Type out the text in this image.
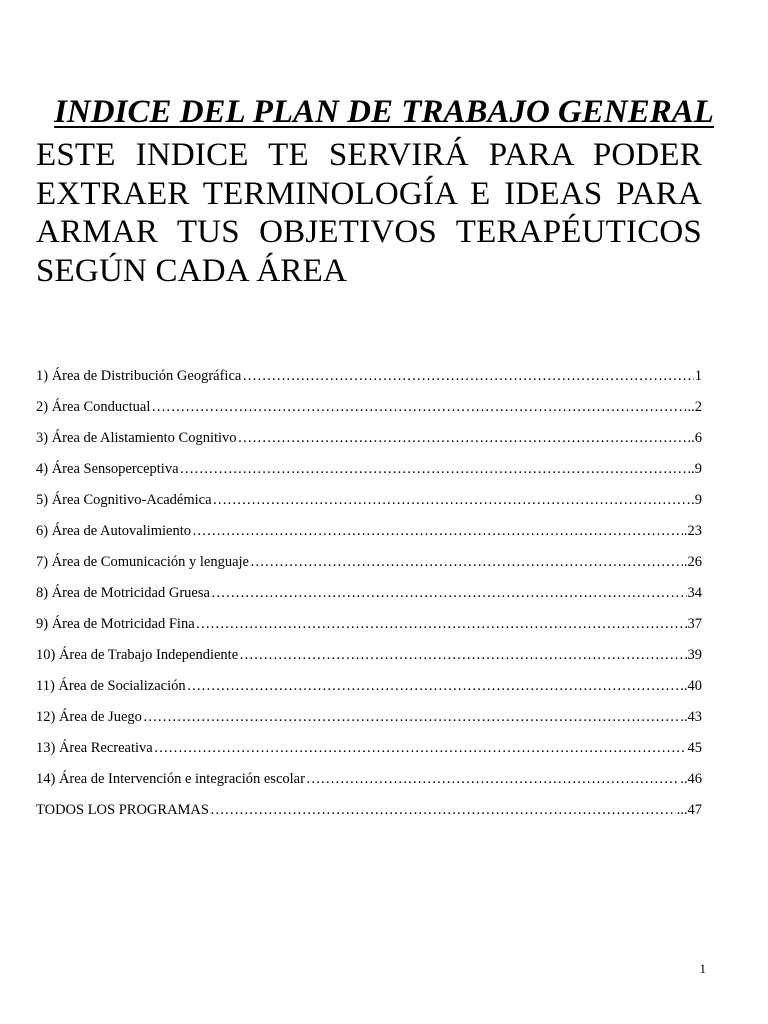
INDICE DEL PLAN DE TRABAJO GENERAL

ESTE INDICE TE SERVIRÁ PARA PODER EXTRAER TERMINOLOGÍA E IDEAS PARA ARMAR TUS OBJETIVOS TERAPÉUTICOS SEGÚN CADA ÁREA

1) Área de Distribución Geográfica ……………………………………………………………………………………………………………………………………………………	1
2) Área Conductual ……………………………………………………………………………………………………………………………………………………	..2
3) Área de Alistamiento Cognitivo ……………………………………………………………………………………………………………………………………………………	..6
4) Área Sensoperceptiva ……………………………………………………………………………………………………………………………………………………	..9
5) Área Cognitivo-Académica ……………………………………………………………………………………………………………………………………………………	.9
6) Área de Autovalimiento ……………………………………………………………………………………………………………………………………………………	.23
7) Área de Comunicación y lenguaje ……………………………………………………………………………………………………………………………………………………	.26
8) Área de Motricidad Gruesa ……………………………………………………………………………………………………………………………………………………	34
9) Área de Motricidad Fina ……………………………………………………………………………………………………………………………………………………	37
10) Área de Trabajo Independiente ……………………………………………………………………………………………………………………………………………………	39
11) Área de Socialización ……………………………………………………………………………………………………………………………………………………	.40
12) Área de Juego ……………………………………………………………………………………………………………………………………………………	..43
13) Área Recreativa ……………………………………………………………………………………………………………………………………………………	45
14) Área de Intervención e integración escolar ……………………………………………………………………………………………………………………………………………………	..46
TODOS LOS PROGRAMAS ……………………………………………………………………………………………………………………………………………………	...47
1
